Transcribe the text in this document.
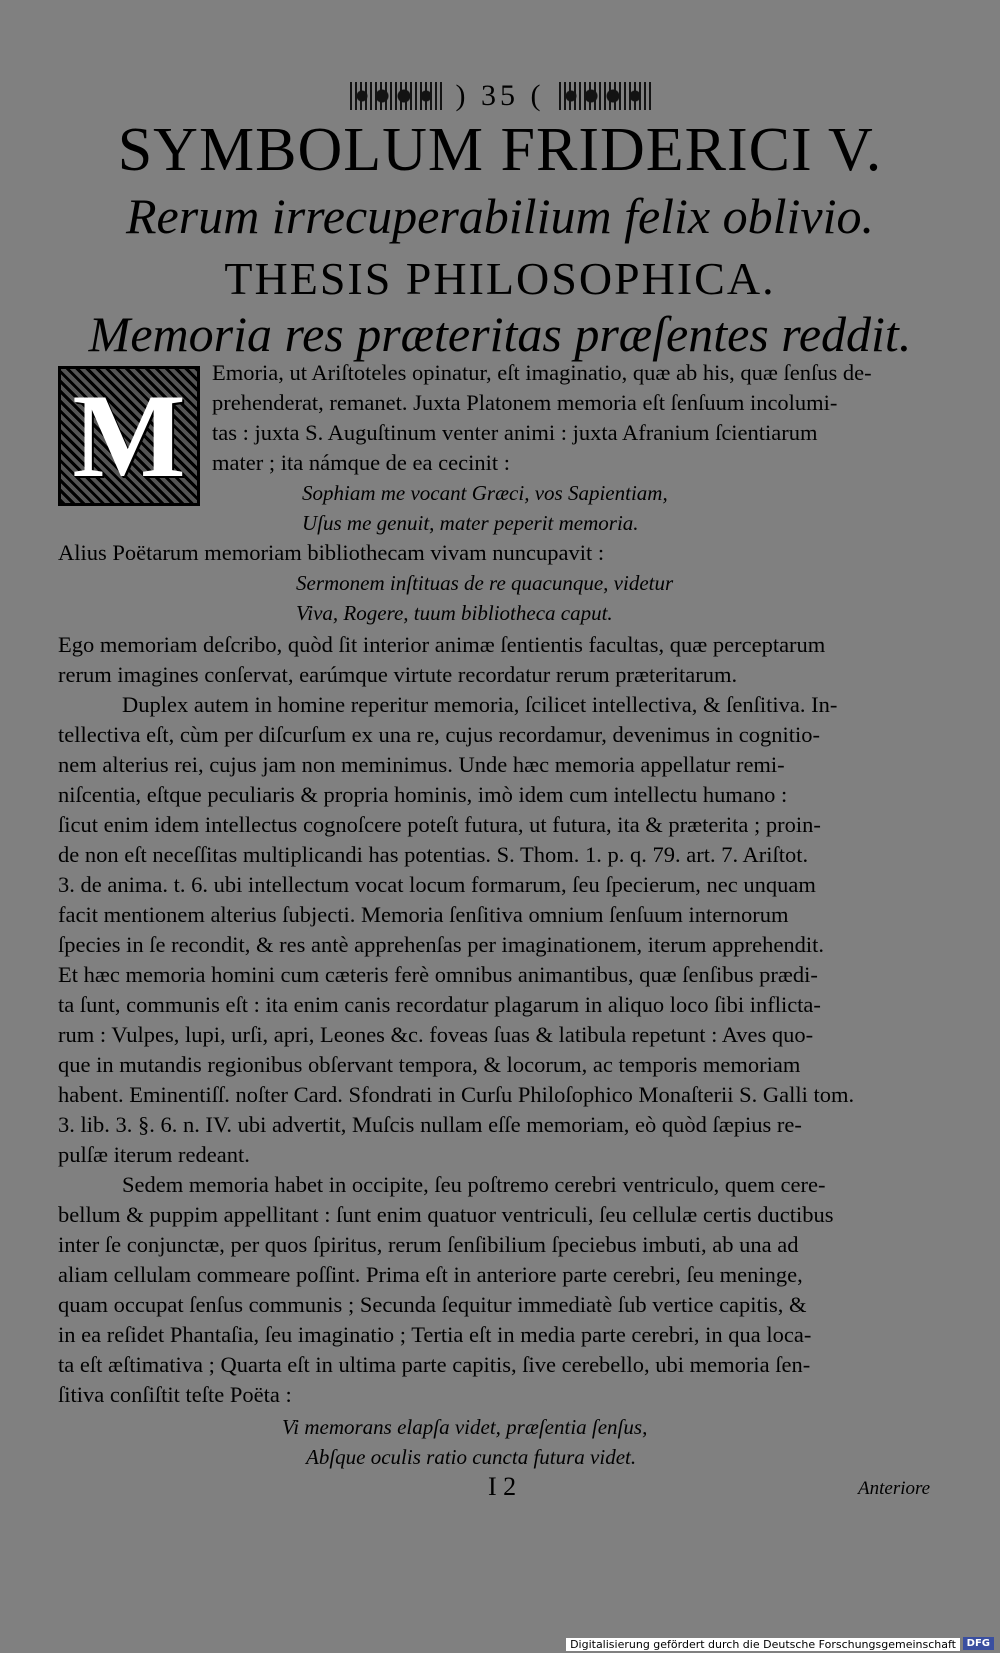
) 35 (
SYMBOLUM FRIDERICI V.
Rerum irrecuperabilium felix oblivio.
THESIS PHILOSOPHICA.
Memoria res præteritas præſentes reddit.
M Emoria, ut Ariſtoteles opinatur, eſt imaginatio, quæ ab his, quæ ſenſus de-
prehenderat, remanet. Juxta Platonem memoria eſt ſenſuum incolumi-
tas : juxta S. Auguſtinum venter animi : juxta Afranium ſcientiarum
mater ; ita námque de ea cecinit :
Sophiam me vocant Græci, vos Sapientiam,
Uſus me genuit, mater peperit memoria.
Alius Poëtarum memoriam bibliothecam vivam nuncupavit :
Sermonem inſtituas de re quacunque, videtur
Viva, Rogere, tuum bibliotheca caput.
Ego memoriam deſcribo, quòd ſit interior animæ ſentientis facultas, quæ perceptarum
rerum imagines conſervat, earúmque virtute recordatur rerum præteritarum.
Duplex autem in homine reperitur memoria, ſcilicet intellectiva, & ſenſitiva. In-
tellectiva eſt, cùm per diſcurſum ex una re, cujus recordamur, devenimus in cognitio-
nem alterius rei, cujus jam non meminimus. Unde hæc memoria appellatur remi-
niſcentia, eſtque peculiaris & propria hominis, imò idem cum intellectu humano :
ſicut enim idem intellectus cognoſcere poteſt futura, ut futura, ita & præterita ; proin-
de non eſt neceſſitas multiplicandi has potentias. S. Thom. 1. p. q. 79. art. 7. Ariſtot.
3. de anima. t. 6. ubi intellectum vocat locum formarum, ſeu ſpecierum, nec unquam
facit mentionem alterius ſubjecti. Memoria ſenſitiva omnium ſenſuum internorum
ſpecies in ſe recondit, & res antè apprehenſas per imaginationem, iterum apprehendit.
Et hæc memoria homini cum cæteris ferè omnibus animantibus, quæ ſenſibus prædi-
ta ſunt, communis eſt : ita enim canis recordatur plagarum in aliquo loco ſibi inflicta-
rum : Vulpes, lupi, urſi, apri, Leones &c. foveas ſuas & latibula repetunt : Aves quo-
que in mutandis regionibus obſervant tempora, & locorum, ac temporis memoriam
habent. Eminentiſſ. noſter Card. Sfondrati in Curſu Philoſophico Monaſterii S. Galli tom.
3. lib. 3. §. 6. n. IV. ubi advertit, Muſcis nullam eſſe memoriam, eò quòd ſæpius re-
pulſæ iterum redeant.
Sedem memoria habet in occipite, ſeu poſtremo cerebri ventriculo, quem cere-
bellum & puppim appellitant : ſunt enim quatuor ventriculi, ſeu cellulæ certis ductibus
inter ſe conjunctæ, per quos ſpiritus, rerum ſenſibilium ſpeciebus imbuti, ab una ad
aliam cellulam commeare poſſint. Prima eſt in anteriore parte cerebri, ſeu meninge,
quam occupat ſenſus communis ; Secunda ſequitur immediatè ſub vertice capitis, &
in ea reſidet Phantaſia, ſeu imaginatio ; Tertia eſt in media parte cerebri, in qua loca-
ta eſt æſtimativa ; Quarta eſt in ultima parte capitis, ſive cerebello, ubi memoria ſen-
ſitiva conſiſtit teſte Poëta :
Vi memorans elapſa videt, præſentia ſenſus,
Abſque oculis ratio cuncta futura videt.
I 2	Anteriore
Digitalisierung gefördert durch die Deutsche Forschungsgemeinschaft	DFG
